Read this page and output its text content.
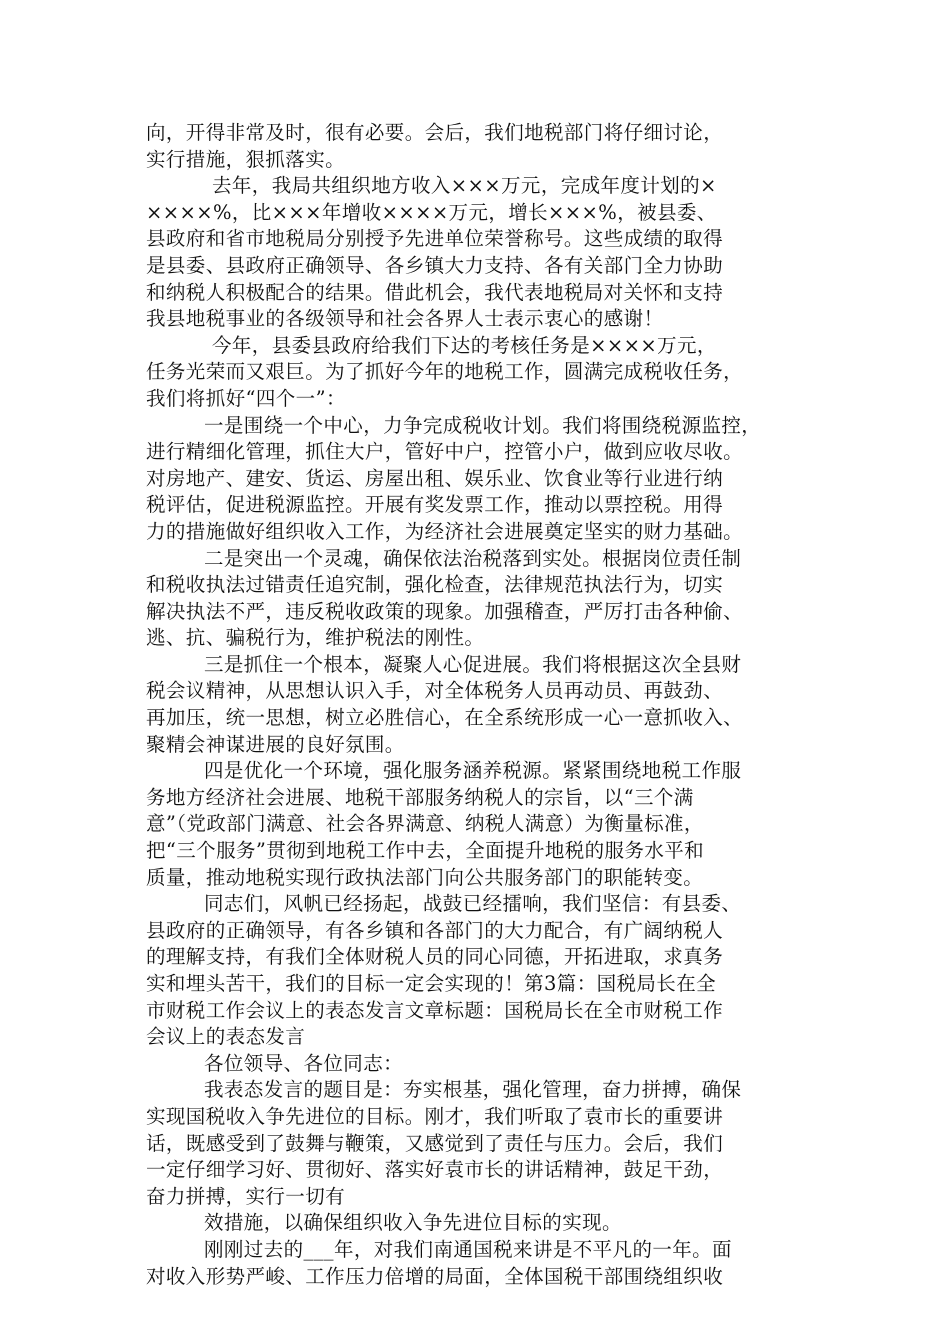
向，开得非常及时，很有必要。会后，我们地税部门将仔细讨论，
实行措施，狠抓落实。
去年，我局共组织地方收入×××万元，完成年度计划的×
××××%，比×××年增收××××万元，增长×××%，被县委、
县政府和省市地税局分别授予先进单位荣誉称号。这些成绩的取得
是县委、县政府正确领导、各乡镇大力支持、各有关部门全力协助
和纳税人积极配合的结果。借此机会，我代表地税局对关怀和支持
我县地税事业的各级领导和社会各界人士表示衷心的感谢！
今年，县委县政府给我们下达的考核任务是××××万元，
任务光荣而又艰巨。为了抓好今年的地税工作，圆满完成税收任务，
我们将抓好“四个一”：
一是围绕一个中心，力争完成税收计划。我们将围绕税源监控，
进行精细化管理，抓住大户，管好中户，控管小户，做到应收尽收。
对房地产、建安、货运、房屋出租、娱乐业、饮食业等行业进行纳
税评估，促进税源监控。开展有奖发票工作，推动以票控税。用得
力的措施做好组织收入工作，为经济社会进展奠定坚实的财力基础。
二是突出一个灵魂，确保依法治税落到实处。根据岗位责任制
和税收执法过错责任追究制，强化检查，法律规范执法行为，切实
解决执法不严，违反税收政策的现象。加强稽查，严厉打击各种偷、
逃、抗、骗税行为，维护税法的刚性。
三是抓住一个根本，凝聚人心促进展。我们将根据这次全县财
税会议精神，从思想认识入手，对全体税务人员再动员、再鼓劲、
再加压，统一思想，树立必胜信心，在全系统形成一心一意抓收入、
聚精会神谋进展的良好氛围。
四是优化一个环境，强化服务涵养税源。紧紧围绕地税工作服
务地方经济社会进展、地税干部服务纳税人的宗旨，以“三个满
意”（党政部门满意、社会各界满意、纳税人满意）为衡量标准，
把“三个服务”贯彻到地税工作中去，全面提升地税的服务水平和
质量，推动地税实现行政执法部门向公共服务部门的职能转变。
同志们，风帆已经扬起，战鼓已经擂响，我们坚信：有县委、
县政府的正确领导，有各乡镇和各部门的大力配合，有广阔纳税人
的理解支持，有我们全体财税人员的同心同德，开拓进取，求真务
实和埋头苦干，我们的目标一定会实现的！第3篇：国税局长在全
市财税工作会议上的表态发言文章标题：国税局长在全市财税工作
会议上的表态发言
各位领导、各位同志：
我表态发言的题目是：夯实根基，强化管理，奋力拼搏，确保
实现国税收入争先进位的目标。刚才，我们听取了袁市长的重要讲
话，既感受到了鼓舞与鞭策，又感觉到了责任与压力。会后，我们
一定仔细学习好、贯彻好、落实好袁市长的讲话精神，鼓足干劲，
奋力拼搏，实行一切有
效措施，以确保组织收入争先进位目标的实现。
刚刚过去的___年，对我们南通国税来讲是不平凡的一年。面
对收入形势严峻、工作压力倍增的局面，全体国税干部围绕组织收
